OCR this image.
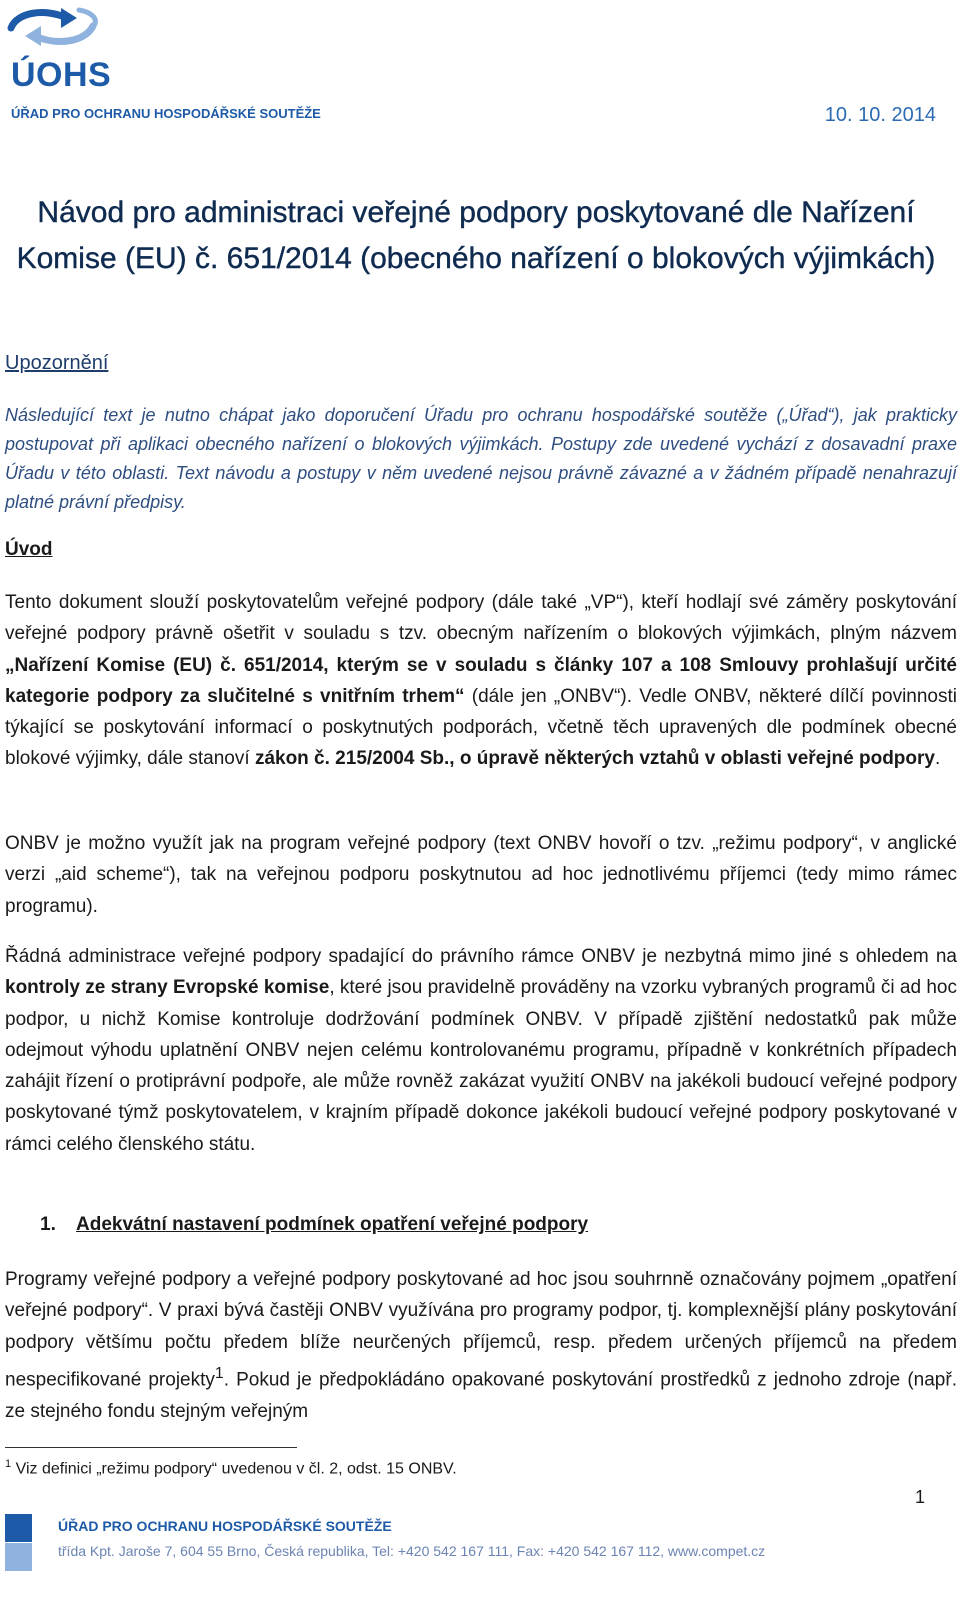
ÚOHS
ÚŘAD PRO OCHRANU HOSPODÁŘSKÉ SOUTĚŽE	10. 10. 2014
Návod pro administraci veřejné podpory poskytované dle Nařízení Komise (EU) č. 651/2014 (obecného nařízení o blokových výjimkách)
Upozornění
Následující text je nutno chápat jako doporučení Úřadu pro ochranu hospodářské soutěže („Úřad“), jak prakticky postupovat při aplikaci obecného nařízení o blokových výjimkách. Postupy zde uvedené vychází z dosavadní praxe Úřadu v této oblasti. Text návodu a postupy v něm uvedené nejsou právně závazné a v žádném případě nenahrazují platné právní předpisy.
Úvod
Tento dokument slouží poskytovatelům veřejné podpory (dále také „VP“), kteří hodlají své záměry poskytování veřejné podpory právně ošetřit v souladu s tzv. obecným nařízením o blokových výjimkách, plným názvem „Nařízení Komise (EU) č. 651/2014, kterým se v souladu s články 107 a 108 Smlouvy prohlašují určité kategorie podpory za slučitelné s vnitřním trhem“ (dále jen „ONBV“). Vedle ONBV, některé dílčí povinnosti týkající se poskytování informací o poskytnutých podporách, včetně těch upravených dle podmínek obecné blokové výjimky, dále stanoví zákon č. 215/2004 Sb., o úpravě některých vztahů v oblasti veřejné podpory.
ONBV je možno využít jak na program veřejné podpory (text ONBV hovoří o tzv. „režimu podpory“, v anglické verzi „aid scheme“), tak na veřejnou podporu poskytnutou ad hoc jednotlivému příjemci (tedy mimo rámec programu).
Řádná administrace veřejné podpory spadající do právního rámce ONBV je nezbytná mimo jiné s ohledem na kontroly ze strany Evropské komise, které jsou pravidelně prováděny na vzorku vybraných programů či ad hoc podpor, u nichž Komise kontroluje dodržování podmínek ONBV. V případě zjištění nedostatků pak může odejmout výhodu uplatnění ONBV nejen celému kontrolovanému programu, případně v konkrétních případech zahájit řízení o protiprávní podpoře, ale může rovněž zakázat využití ONBV na jakékoli budoucí veřejné podpory poskytované týmž poskytovatelem, v krajním případě dokonce jakékoli budoucí veřejné podpory poskytované v rámci celého členského státu.
1. Adekvátní nastavení podmínek opatření veřejné podpory
Programy veřejné podpory a veřejné podpory poskytované ad hoc jsou souhrnně označovány pojmem „opatření veřejné podpory“. V praxi bývá častěji ONBV využívána pro programy podpor, tj. komplexnější plány poskytování podpory většímu počtu předem blíže neurčených příjemců, resp. předem určených příjemců na předem nespecifikované projekty$^1$. Pokud je předpokládáno opakované poskytování prostředků z jednoho zdroje (např. ze stejného fondu stejným veřejným
$^1$ Viz definici „režimu podpory“ uvedenou v čl. 2, odst. 15 ONBV.
1
ÚŘAD PRO OCHRANU HOSPODÁŘSKÉ SOUTĚŽE
třída Kpt. Jaroše 7, 604 55 Brno, Česká republika, Tel: +420 542 167 111, Fax: +420 542 167 112, www.compet.cz
